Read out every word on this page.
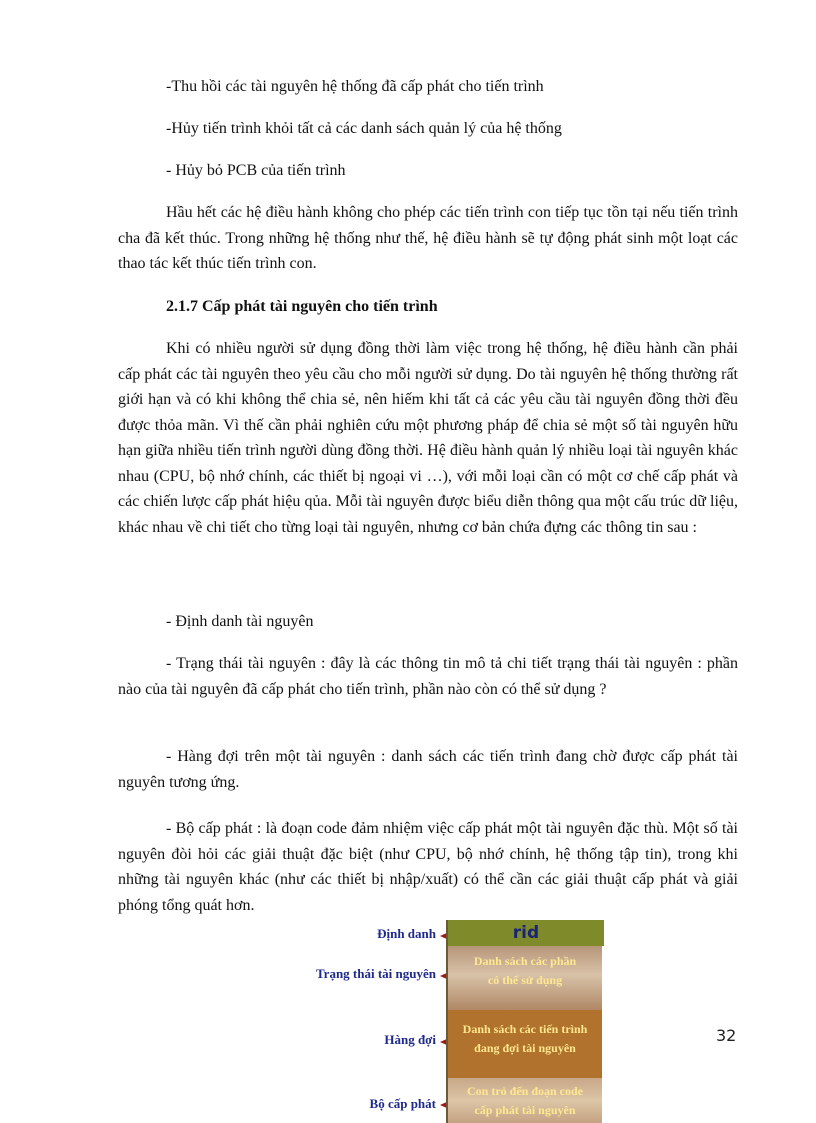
-Thu hồi các tài nguyên hệ thống đã cấp phát cho tiến trình

-Hủy tiến trình khỏi tất cả các danh sách quản lý của hệ thống

- Hủy bỏ PCB của tiến trình

Hầu hết các hệ điều hành không cho phép các tiến trình con tiếp tục tồn tại nếu tiến trình cha đã kết thúc. Trong những hệ thống như thế, hệ điều hành sẽ tự động phát sinh một loạt các thao tác kết thúc tiến trình con.

2.1.7 Cấp phát tài nguyên cho tiến trình

Khi có nhiều người sử dụng đồng thời làm việc trong hệ thống, hệ điều hành cần phải cấp phát các tài nguyên theo yêu cầu cho mỗi người sử dụng. Do tài nguyên hệ thống thường rất giới hạn và có khi không thể chia sẻ, nên hiếm khi tất cả các yêu cầu tài nguyên đồng thời đều được thỏa mãn. Vì thế cần phải nghiên cứu một phương pháp để chia sẻ một số tài nguyên hữu hạn giữa nhiều tiến trình người dùng đồng thời. Hệ điều hành quản lý nhiều loại tài nguyên khác nhau (CPU, bộ nhớ chính, các thiết bị ngoại vi …), với mỗi loại cần có một cơ chế cấp phát và các chiến lược cấp phát hiệu qủa. Mỗi tài nguyên được biểu diễn thông qua một cấu trúc dữ liệu, khác nhau về chi tiết cho từng loại tài nguyên, nhưng cơ bản chứa đựng các thông tin sau :

- Định danh tài nguyên

- Trạng thái tài nguyên : đây là các thông tin mô tả chi tiết trạng thái tài nguyên : phần nào của tài nguyên đã cấp phát cho tiến trình, phần nào còn có thể sử dụng ?

- Hàng đợi trên một tài nguyên : danh sách các tiến trình đang chờ được cấp phát tài nguyên tương ứng.

- Bộ cấp phát : là đoạn code đảm nhiệm việc cấp phát một tài nguyên đặc thù. Một số tài nguyên đòi hỏi các giải thuật đặc biệt (như CPU, bộ nhớ chính, hệ thống tập tin), trong khi những tài nguyên khác (như các thiết bị nhập/xuất) có thể cần các giải thuật cấp phát và giải phóng tổng quát hơn.

Định danh
Trạng thái tài nguyên
Hàng đợi
Bộ cấp phát
rid
Danh sách các phần
có thể sử dụng
Danh sách các tiến trình
đang đợi tài nguyên
Con trỏ đến đoạn code
cấp phát tài nguyên
32
